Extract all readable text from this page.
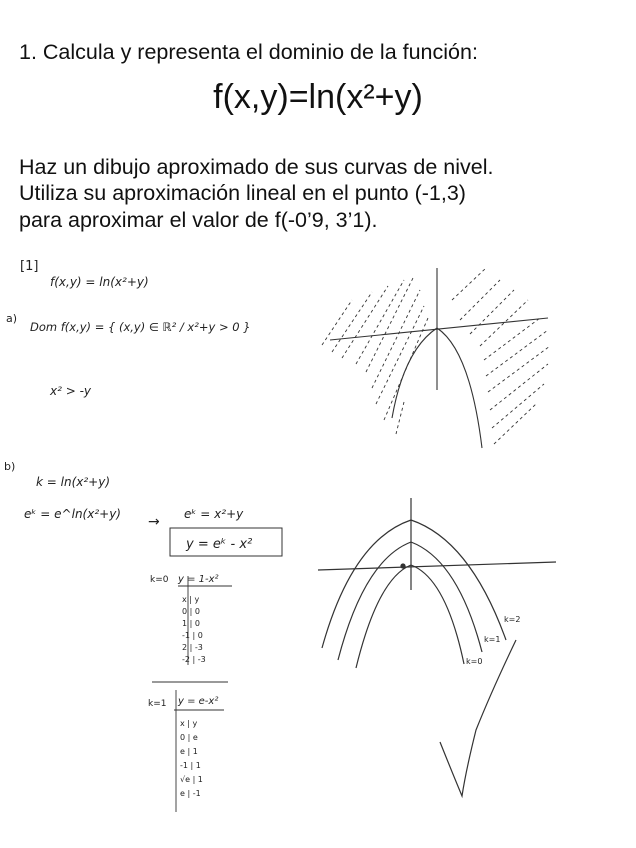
1. Calcula y representa el dominio de la función:
f(x,y)=ln(x²+y)
Haz un dibujo aproximado de sus curvas de nivel.
Utiliza su aproximación lineal en el punto (-1,3)
para aproximar el valor de f(-0’9, 3’1).
[1]
f(x,y) = ln(x²+y)
a)
Dom f(x,y) = { (x,y) ∈ ℝ² / x²+y > 0 }
x² > -y
b)
k = ln(x²+y)
eᵏ = e^ln(x²+y) → eᵏ = x²+y
y = eᵏ - x²
k=0 y = 1-x²
x | y
0 | 0
1 | 0
-1 | 0
2 | -3
-2 | -3
k=1 y = e-x²
x | y
0 | e
e | 1
-1 | 1
√e | 1
e | -1
k=0
k=1
k=2
